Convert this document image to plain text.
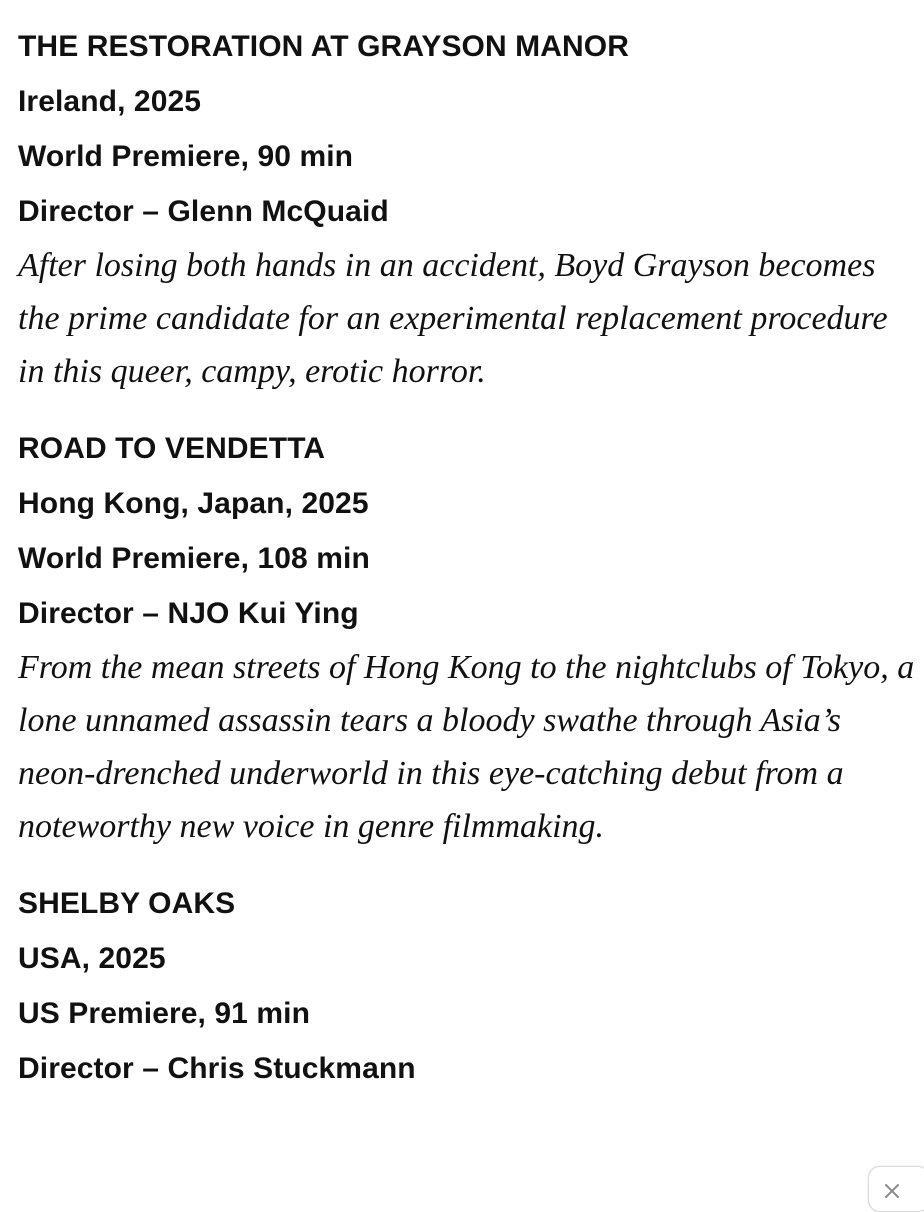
THE RESTORATION AT GRAYSON MANOR
Ireland, 2025
World Premiere, 90 min
Director – Glenn McQuaid
After losing both hands in an accident, Boyd Grayson becomes the prime candidate for an experimental replacement procedure in this queer, campy, erotic horror.
ROAD TO VENDETTA
Hong Kong, Japan, 2025
World Premiere, 108 min
Director – NJO Kui Ying
From the mean streets of Hong Kong to the nightclubs of Tokyo, a lone unnamed assassin tears a bloody swathe through Asia’s neon-drenched underworld in this eye-catching debut from a noteworthy new voice in genre filmmaking.
SHELBY OAKS
USA, 2025
US Premiere, 91 min
Director – Chris Stuckmann
